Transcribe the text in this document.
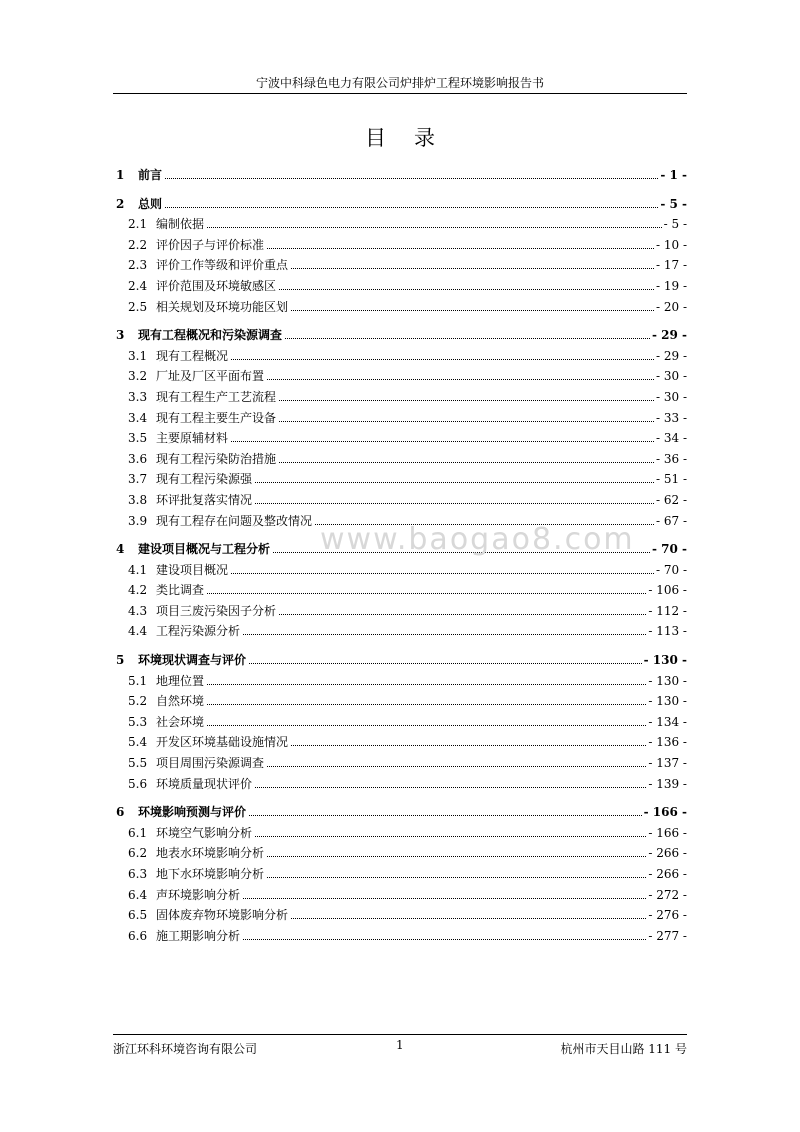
宁波中科绿色电力有限公司炉排炉工程环境影响报告书
目录
1	前言	- 1 -
2	总则	- 5 -
2.1 编制依据	- 5 -
2.2 评价因子与评价标准	- 10 -
2.3 评价工作等级和评价重点	- 17 -
2.4 评价范围及环境敏感区	- 19 -
2.5 相关规划及环境功能区划	- 20 -
3	现有工程概况和污染源调查	- 29 -
3.1 现有工程概况	- 29 -
3.2 厂址及厂区平面布置	- 30 -
3.3 现有工程生产工艺流程	- 30 -
3.4 现有工程主要生产设备	- 33 -
3.5 主要原辅材料	- 34 -
3.6 现有工程污染防治措施	- 36 -
3.7 现有工程污染源强	- 51 -
3.8 环评批复落实情况	- 62 -
3.9 现有工程存在问题及整改情况	- 67 -
4	建设项目概况与工程分析	- 70 -
4.1 建设项目概况	- 70 -
4.2 类比调查	- 106 -
4.3 项目三废污染因子分析	- 112 -
4.4 工程污染源分析	- 113 -
5	环境现状调查与评价	- 130 -
5.1 地理位置	- 130 -
5.2 自然环境	- 130 -
5.3 社会环境	- 134 -
5.4 开发区环境基础设施情况	- 136 -
5.5 项目周围污染源调查	- 137 -
5.6 环境质量现状评价	- 139 -
6	环境影响预测与评价	- 166 -
6.1 环境空气影响分析	- 166 -
6.2 地表水环境影响分析	- 266 -
6.3 地下水环境影响分析	- 266 -
6.4 声环境影响分析	- 272 -
6.5 固体废弃物环境影响分析	- 276 -
6.6 施工期影响分析	- 277 -
www.baogao8.com
浙江环科环境咨询有限公司	1	杭州市天目山路 111 号
